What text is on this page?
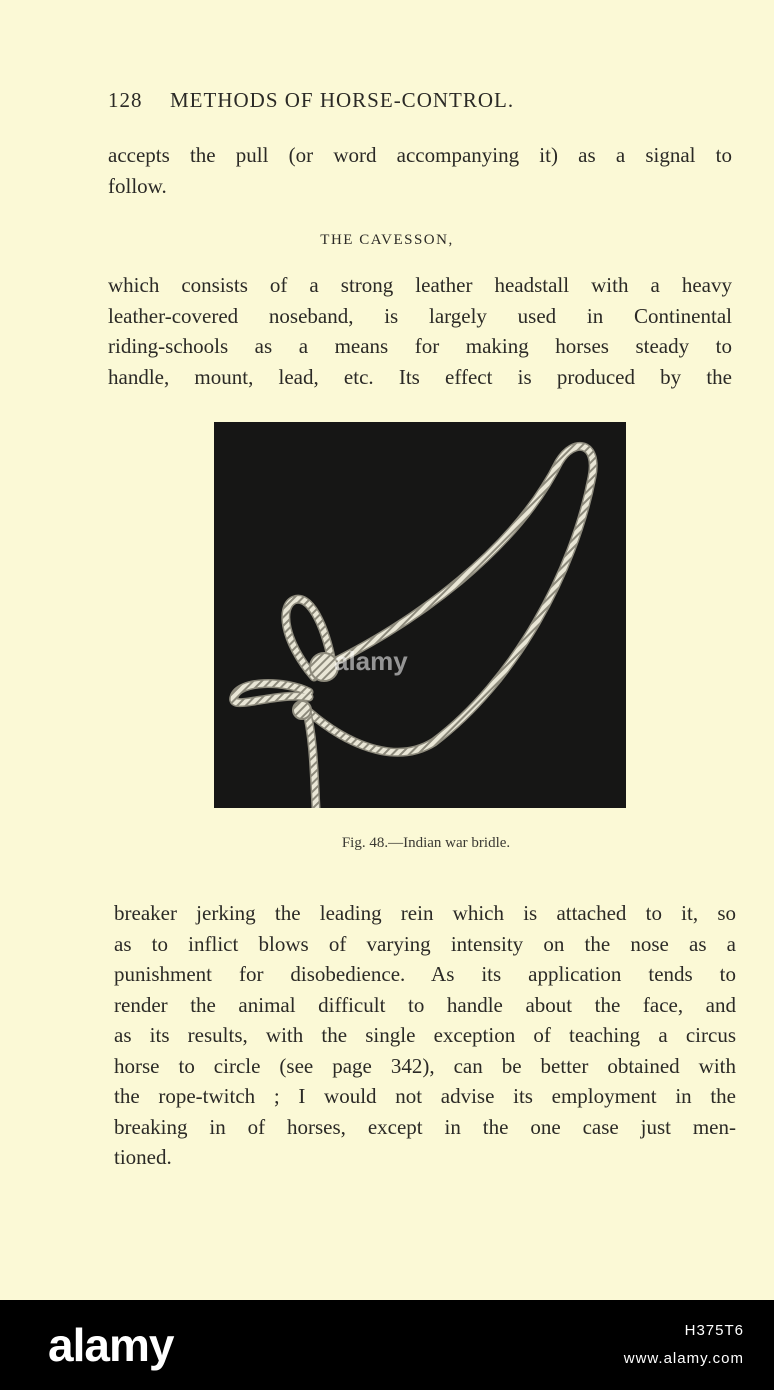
128 METHODS OF HORSE-CONTROL.
accepts the pull (or word accompanying it) as a signal to
follow.
THE CAVESSON,
which consists of a strong leather headstall with a heavy
leather-covered noseband, is largely used in Continental
riding-schools as a means for making horses steady to
handle, mount, lead, etc. Its effect is produced by the
alamy
Fig. 48.—Indian war bridle.
breaker jerking the leading rein which is attached to it, so
as to inflict blows of varying intensity on the nose as a
punishment for disobedience. As its application tends to
render the animal difficult to handle about the face, and
as its results, with the single exception of teaching a circus
horse to circle (see page 342), can be better obtained with
the rope-twitch ; I would not advise its employment in the
breaking in of horses, except in the one case just men-
tioned.
alamy	H375T6
www.alamy.com
